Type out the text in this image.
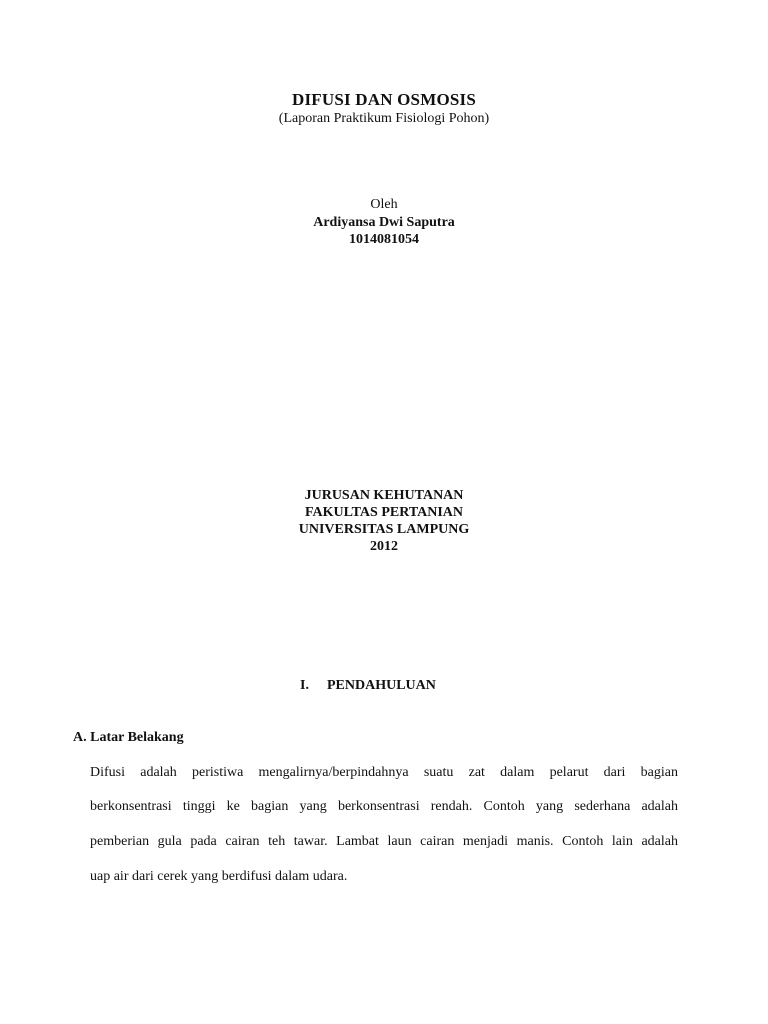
DIFUSI DAN OSMOSIS
(Laporan Praktikum Fisiologi Pohon)
Oleh
Ardiyansa Dwi Saputra
1014081054
JURUSAN KEHUTANAN
FAKULTAS PERTANIAN
UNIVERSITAS LAMPUNG
2012
I. PENDAHULUAN
A. Latar Belakang
Difusi adalah peristiwa mengalirnya/berpindahnya suatu zat dalam pelarut dari bagian
berkonsentrasi tinggi ke bagian yang berkonsentrasi rendah. Contoh yang sederhana adalah
pemberian gula pada cairan teh tawar. Lambat laun cairan menjadi manis. Contoh lain adalah
uap air dari cerek yang berdifusi dalam udara.
